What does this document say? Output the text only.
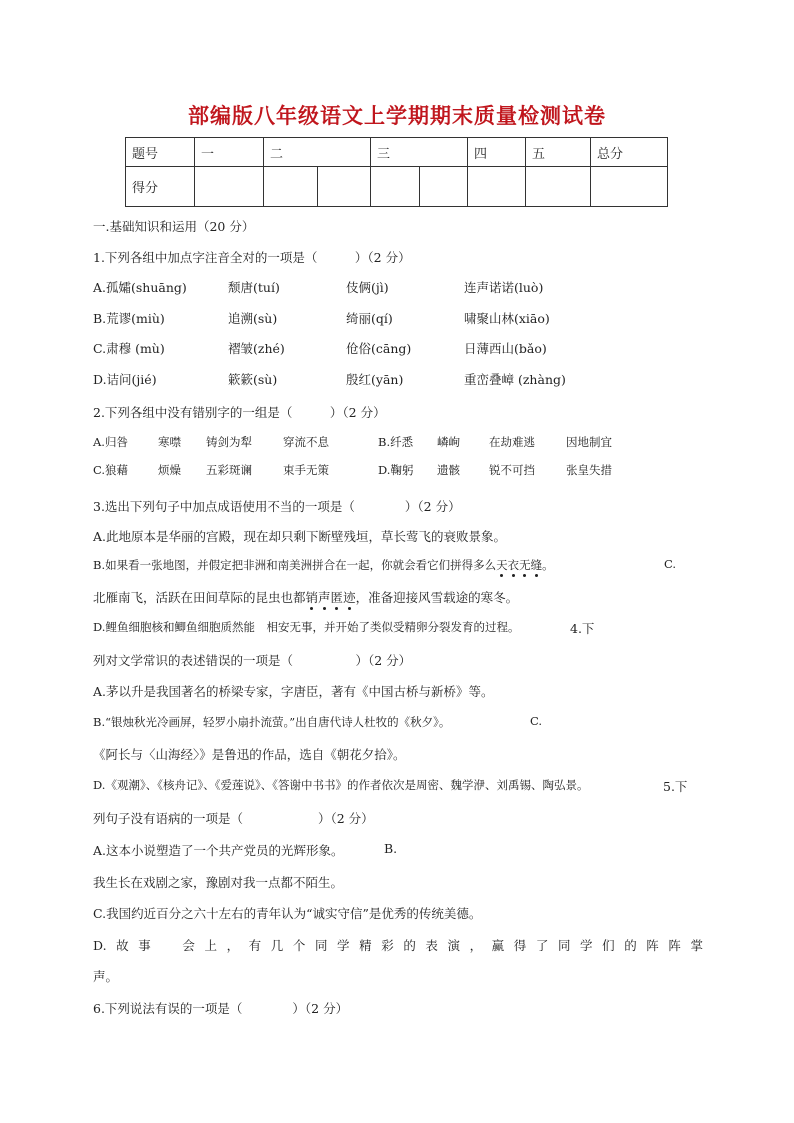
部编版八年级语文上学期期末质量检测试卷
题号	一	二		三		四	五	总分
得分								
一.基础知识和运用（20 分）
1.下列各组中加点字注音全对的一项是（　　　）（2 分）
A.孤孀(shuāng)	颓唐(tuí)	伎俩(jì)	连声诺诺(luò)
B.荒谬(miù)	追溯(sù)	绮丽(qí)	啸聚山林(xiāo)
C.肃穆 (mù)	褶皱(zhé)	伧俗(cāng)	日薄西山(bǎo)
D.诘问(jié)	簌簌(sù)	殷红(yān)	重峦叠嶂 (zhàng)
2.下列各组中没有错别字的一组是（　　　）（2 分）
A.归咎	寒噤 铸剑为犁	穿流不息	B.纤悉 嶙峋	在劫难逃	因地制宜
C.狼藉	烦燥 五彩斑谰	束手无策	D.鞠躬 遗骸	锐不可挡	张皇失措
3.选出下列句子中加点成语使用不当的一项是（　　　　）（2 分）
A.此地原本是华丽的宫殿，现在却只剩下断壁残垣，草长莺飞的衰败景象。
B.如果看一张地图，并假定把非洲和南美洲拼合在一起，你就会看它们拼得多么天衣无缝。	C.
北雁南飞，活跃在田间草际的昆虫也都销声匿迹，准备迎接风雪载途的寒冬。
D.鲤鱼细胞核和鲫鱼细胞质然能　相安无事，并开始了类似受精卵分裂发育的过程。	4.下
列对文学常识的表述错误的一项是（　　　　　）（2 分）
A.茅以升是我国著名的桥梁专家，字唐臣，著有《中国古桥与新桥》等。
B.“银烛秋光冷画屏，轻罗小扇扑流萤。”出自唐代诗人杜牧的《秋夕》。	C.
《阿长与〈山海经〉》是鲁迅的作品，选自《朝花夕拾》。
D.《观潮》、《核舟记》、《爱莲说》、《答谢中书书》的作者依次是周密、魏学洢、刘禹锡、陶弘景。	5.下
列句子没有语病的一项是（　　　　　　）（2 分）
A.这本小说塑造了一个共产党员的光辉形象。	B.
我生长在戏剧之家，豫剧对我一点都不陌生。
C.我国约近百分之六十左右的青年认为“诚实守信”是优秀的传统美德。
D.故事　会上，有几个同学精彩的表演，赢得了同学们的阵阵掌
声。
6.下列说法有误的一项是（　　　　）（2 分）
